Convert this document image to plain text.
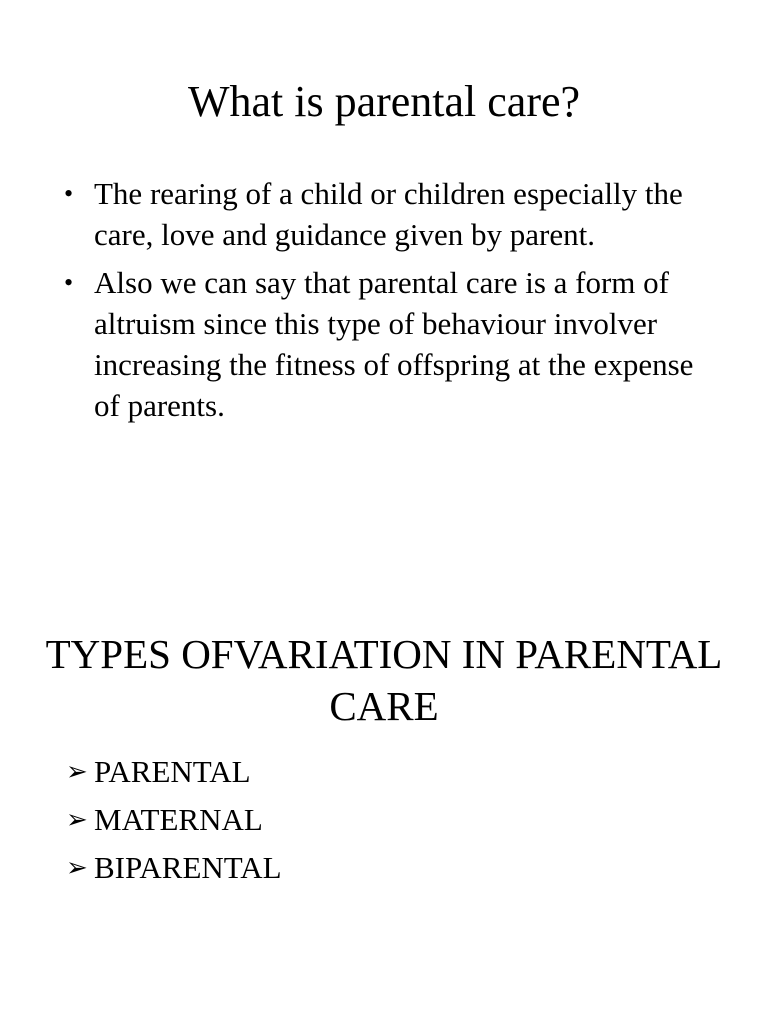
What is parental care?
• The rearing of a child or children especially the care, love and guidance given by parent.
• Also we can say that parental care is a form of altruism since this type of behaviour involver increasing the fitness of offspring at the expense of parents.
TYPES OFVARIATION IN PARENTAL CARE
➢ PARENTAL
➢ MATERNAL
➢ BIPARENTAL
